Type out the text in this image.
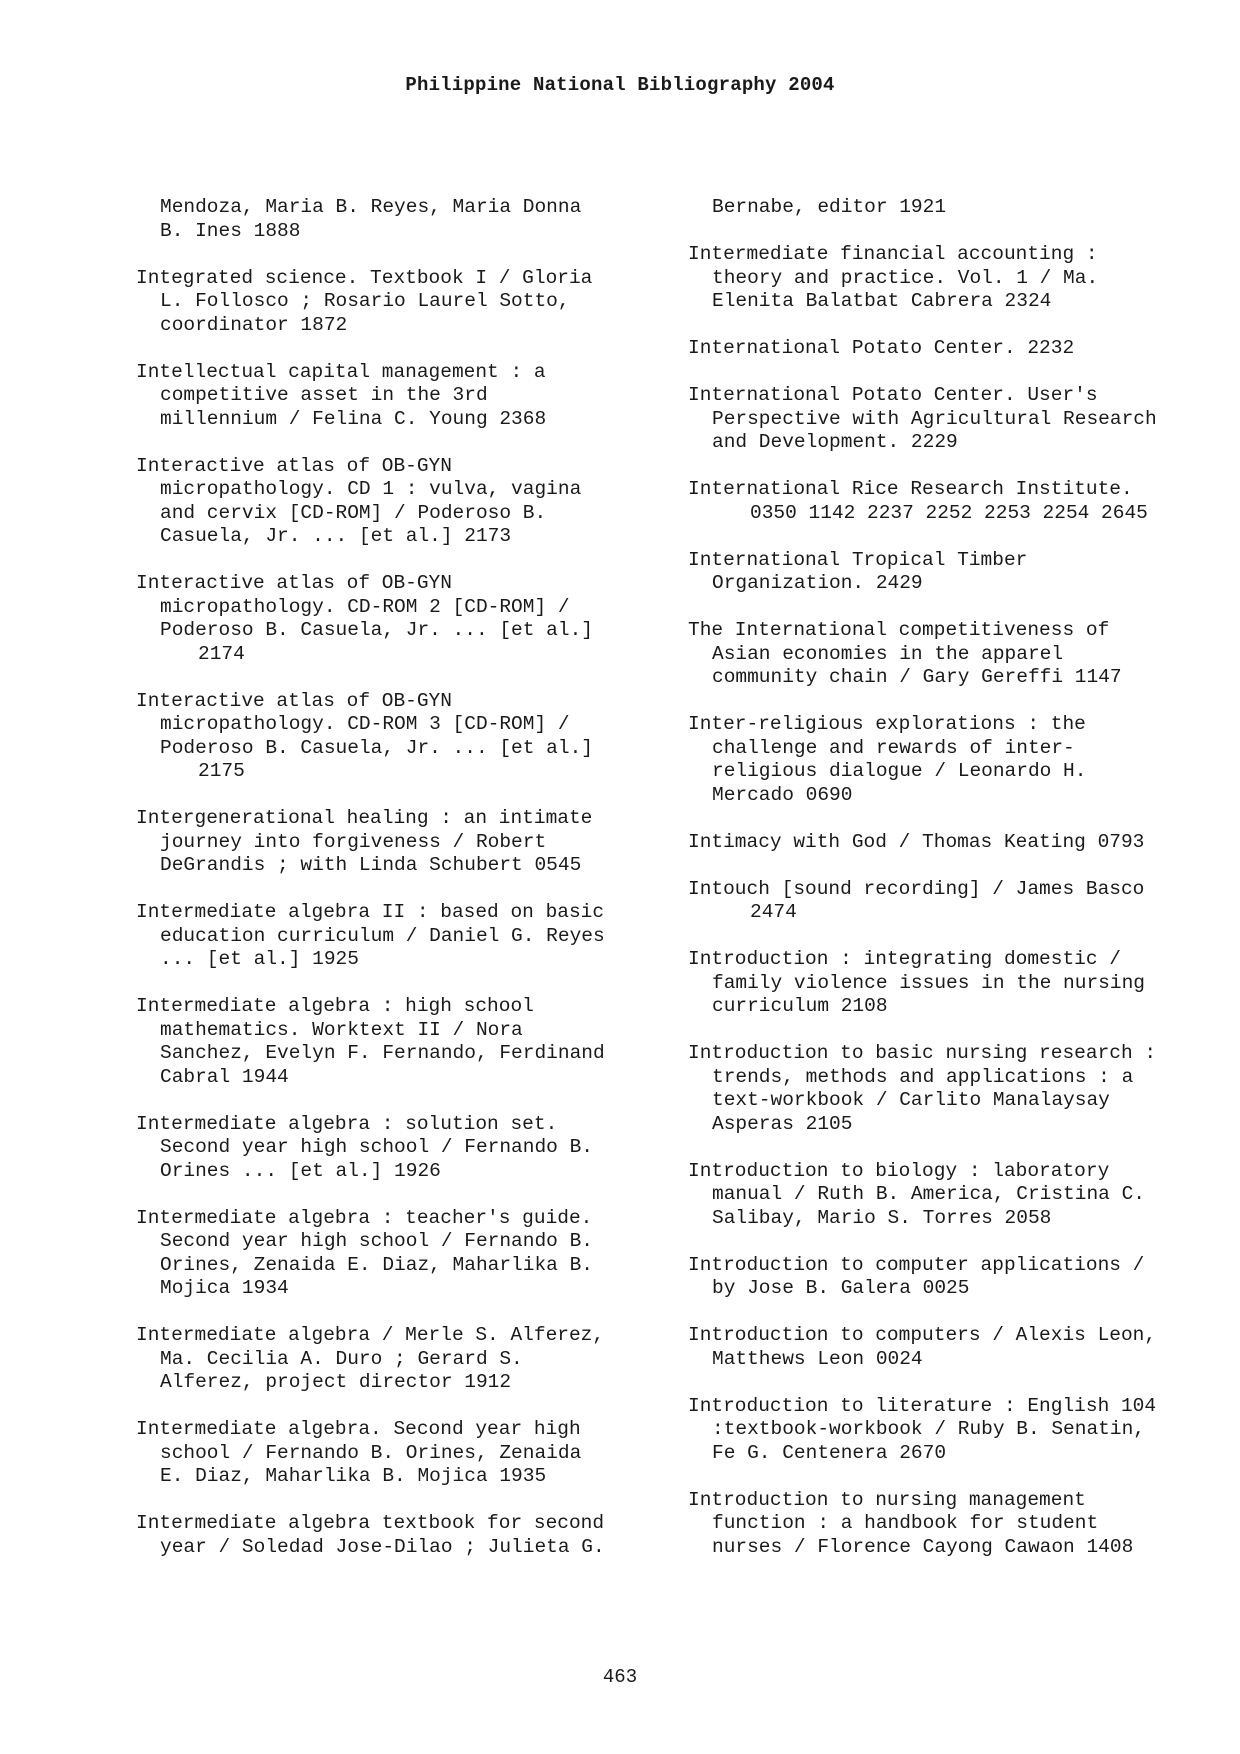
Philippine National Bibliography 2004
Mendoza, Maria B. Reyes, Maria Donna
B. Ines 1888
Integrated science. Textbook I / Gloria
L. Follosco ; Rosario Laurel Sotto,
coordinator 1872
Intellectual capital management : a
competitive asset in the 3rd
millennium / Felina C. Young 2368
Interactive atlas of OB-GYN
micropathology. CD 1 : vulva, vagina
and cervix [CD-ROM] / Poderoso B.
Casuela, Jr. ... [et al.] 2173
Interactive atlas of OB-GYN
micropathology. CD-ROM 2 [CD-ROM] /
Poderoso B. Casuela, Jr. ... [et al.]
2174
Interactive atlas of OB-GYN
micropathology. CD-ROM 3 [CD-ROM] /
Poderoso B. Casuela, Jr. ... [et al.]
2175
Intergenerational healing : an intimate
journey into forgiveness / Robert
DeGrandis ; with Linda Schubert 0545
Intermediate algebra II : based on basic
education curriculum / Daniel G. Reyes
... [et al.] 1925
Intermediate algebra : high school
mathematics. Worktext II / Nora
Sanchez, Evelyn F. Fernando, Ferdinand
Cabral 1944
Intermediate algebra : solution set.
Second year high school / Fernando B.
Orines ... [et al.] 1926
Intermediate algebra : teacher's guide.
Second year high school / Fernando B.
Orines, Zenaida E. Diaz, Maharlika B.
Mojica 1934
Intermediate algebra / Merle S. Alferez,
Ma. Cecilia A. Duro ; Gerard S.
Alferez, project director 1912
Intermediate algebra. Second year high
school / Fernando B. Orines, Zenaida
E. Diaz, Maharlika B. Mojica 1935
Intermediate algebra textbook for second
year / Soledad Jose-Dilao ; Julieta G.
Bernabe, editor 1921
Intermediate financial accounting :
theory and practice. Vol. 1 / Ma.
Elenita Balatbat Cabrera 2324
International Potato Center. 2232
International Potato Center. User's
Perspective with Agricultural Research
and Development. 2229
International Rice Research Institute.
0350 1142 2237 2252 2253 2254 2645
International Tropical Timber
Organization. 2429
The International competitiveness of
Asian economies in the apparel
community chain / Gary Gereffi 1147
Inter-religious explorations : the
challenge and rewards of inter-
religious dialogue / Leonardo H.
Mercado 0690
Intimacy with God / Thomas Keating 0793
Intouch [sound recording] / James Basco
2474
Introduction : integrating domestic /
family violence issues in the nursing
curriculum 2108
Introduction to basic nursing research :
trends, methods and applications : a
text-workbook / Carlito Manalaysay
Asperas 2105
Introduction to biology : laboratory
manual / Ruth B. America, Cristina C.
Salibay, Mario S. Torres 2058
Introduction to computer applications /
by Jose B. Galera 0025
Introduction to computers / Alexis Leon,
Matthews Leon 0024
Introduction to literature : English 104
:textbook-workbook / Ruby B. Senatin,
Fe G. Centenera 2670
Introduction to nursing management
function : a handbook for student
nurses / Florence Cayong Cawaon 1408
463
